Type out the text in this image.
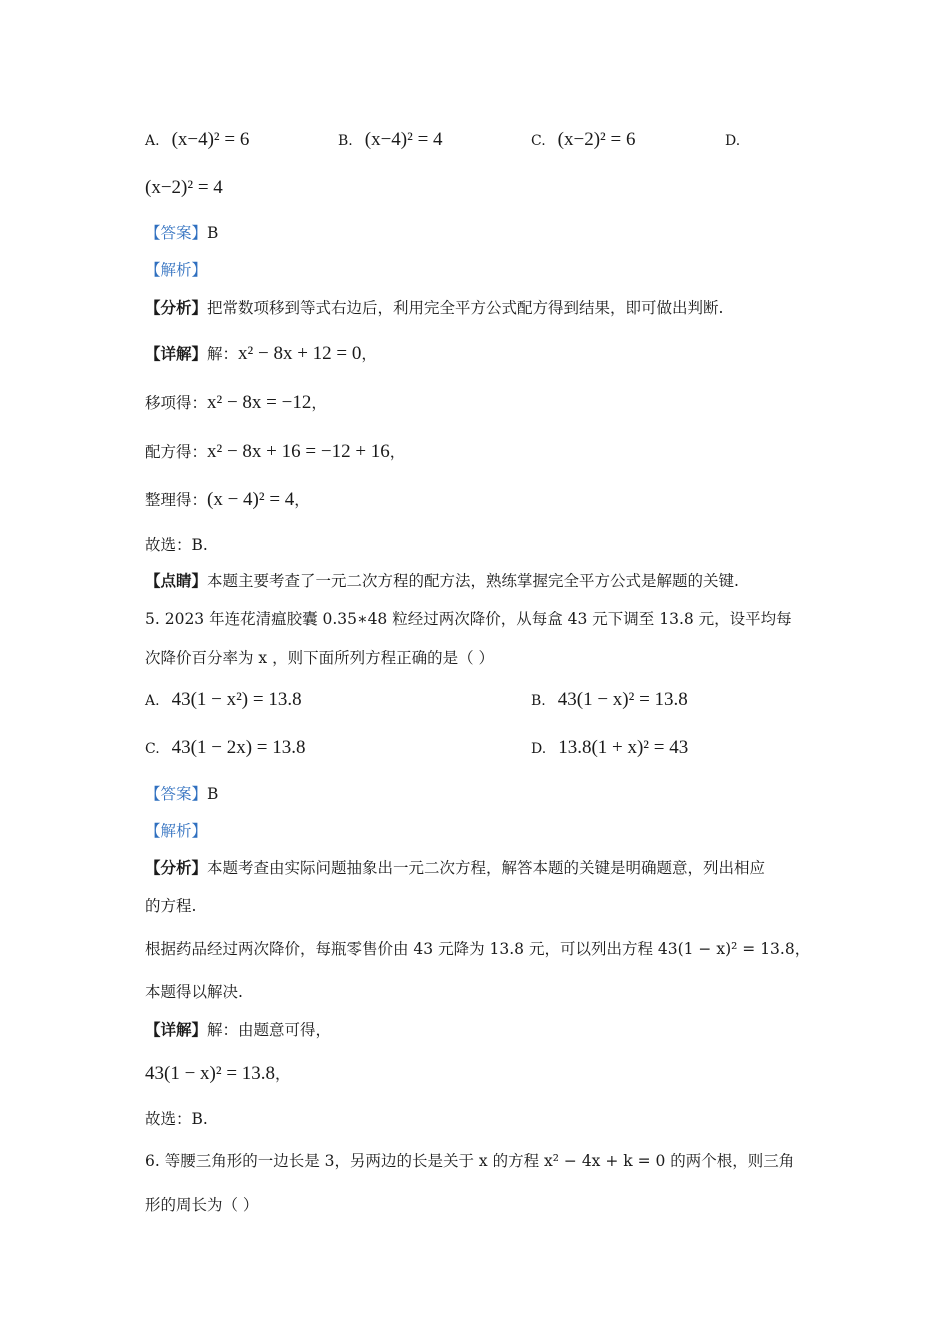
A. (x−4)² = 6	B. (x−4)² = 4	C. (x−2)² = 6	D.
(x−2)² = 4
【答案】B
【解析】
【分析】把常数项移到等式右边后，利用完全平方公式配方得到结果，即可做出判断.
【详解】解：x² − 8x + 12 = 0，
移项得：x² − 8x = −12，
配方得：x² − 8x + 16 = −12 + 16，
整理得：(x − 4)² = 4，
故选：B.
【点睛】本题主要考查了一元二次方程的配方法，熟练掌握完全平方公式是解题的关键.
5. 2023 年连花清瘟胶囊 0.35∗48 粒经过两次降价，从每盒 43 元下调至 13.8 元，设平均每
次降价百分率为 x ，则下面所列方程正确的是（ ）
A. 43(1 − x²) = 13.8	B. 43(1 − x)² = 13.8
C. 43(1 − 2x) = 13.8	D. 13.8(1 + x)² = 43
【答案】B
【解析】
【分析】本题考查由实际问题抽象出一元二次方程，解答本题的关键是明确题意，列出相应
的方程.
根据药品经过两次降价，每瓶零售价由 43 元降为 13.8 元，可以列出方程 43(1 − x)² = 13.8，
本题得以解决.
【详解】解：由题意可得，
43(1 − x)² = 13.8，
故选：B.
6. 等腰三角形的一边长是 3，另两边的长是关于 x 的方程 x² − 4x + k = 0 的两个根，则三角
形的周长为（ ）
